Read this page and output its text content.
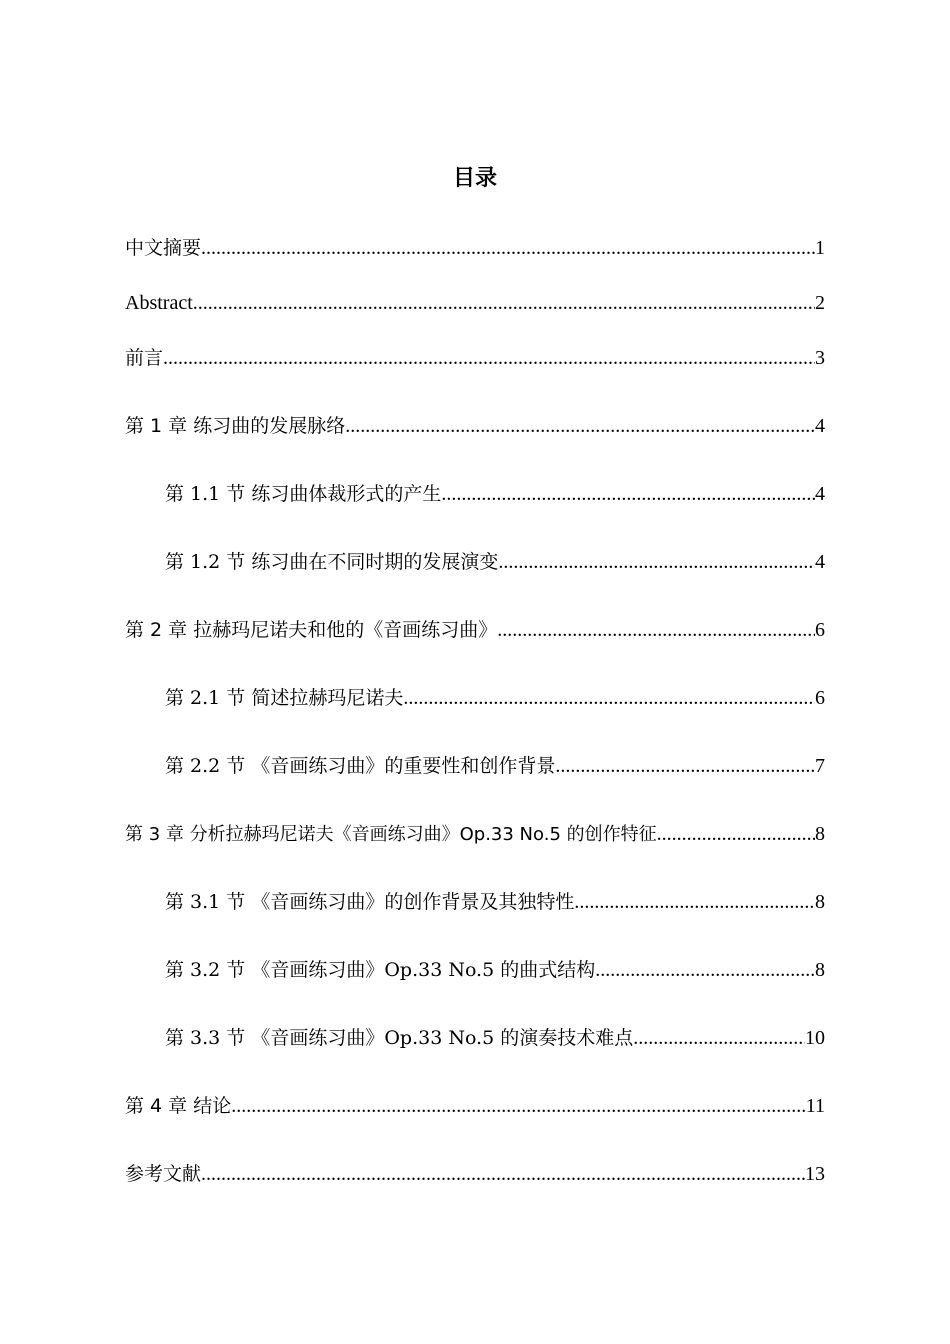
目录
中文摘要 .....	1
Abstract .....	2
前言 .....	3
第 1 章 练习曲的发展脉络 .....	4
第 1.1 节 练习曲体裁形式的产生 .....	4
第 1.2 节 练习曲在不同时期的发展演变 .....	4
第 2 章 拉赫玛尼诺夫和他的《音画练习曲》 .....	6
第 2.1 节 简述拉赫玛尼诺夫 .....	6
第 2.2 节 《音画练习曲》的重要性和创作背景 .....	7
第 3 章 分析拉赫玛尼诺夫《音画练习曲》Op.33 No.5 的创作特征 .....	8
第 3.1 节 《音画练习曲》的创作背景及其独特性 .....	8
第 3.2 节 《音画练习曲》Op.33 No.5 的曲式结构 .....	8
第 3.3 节 《音画练习曲》Op.33 No.5 的演奏技术难点 .....	10
第 4 章 结论 .....	11
参考文献 .....	13
